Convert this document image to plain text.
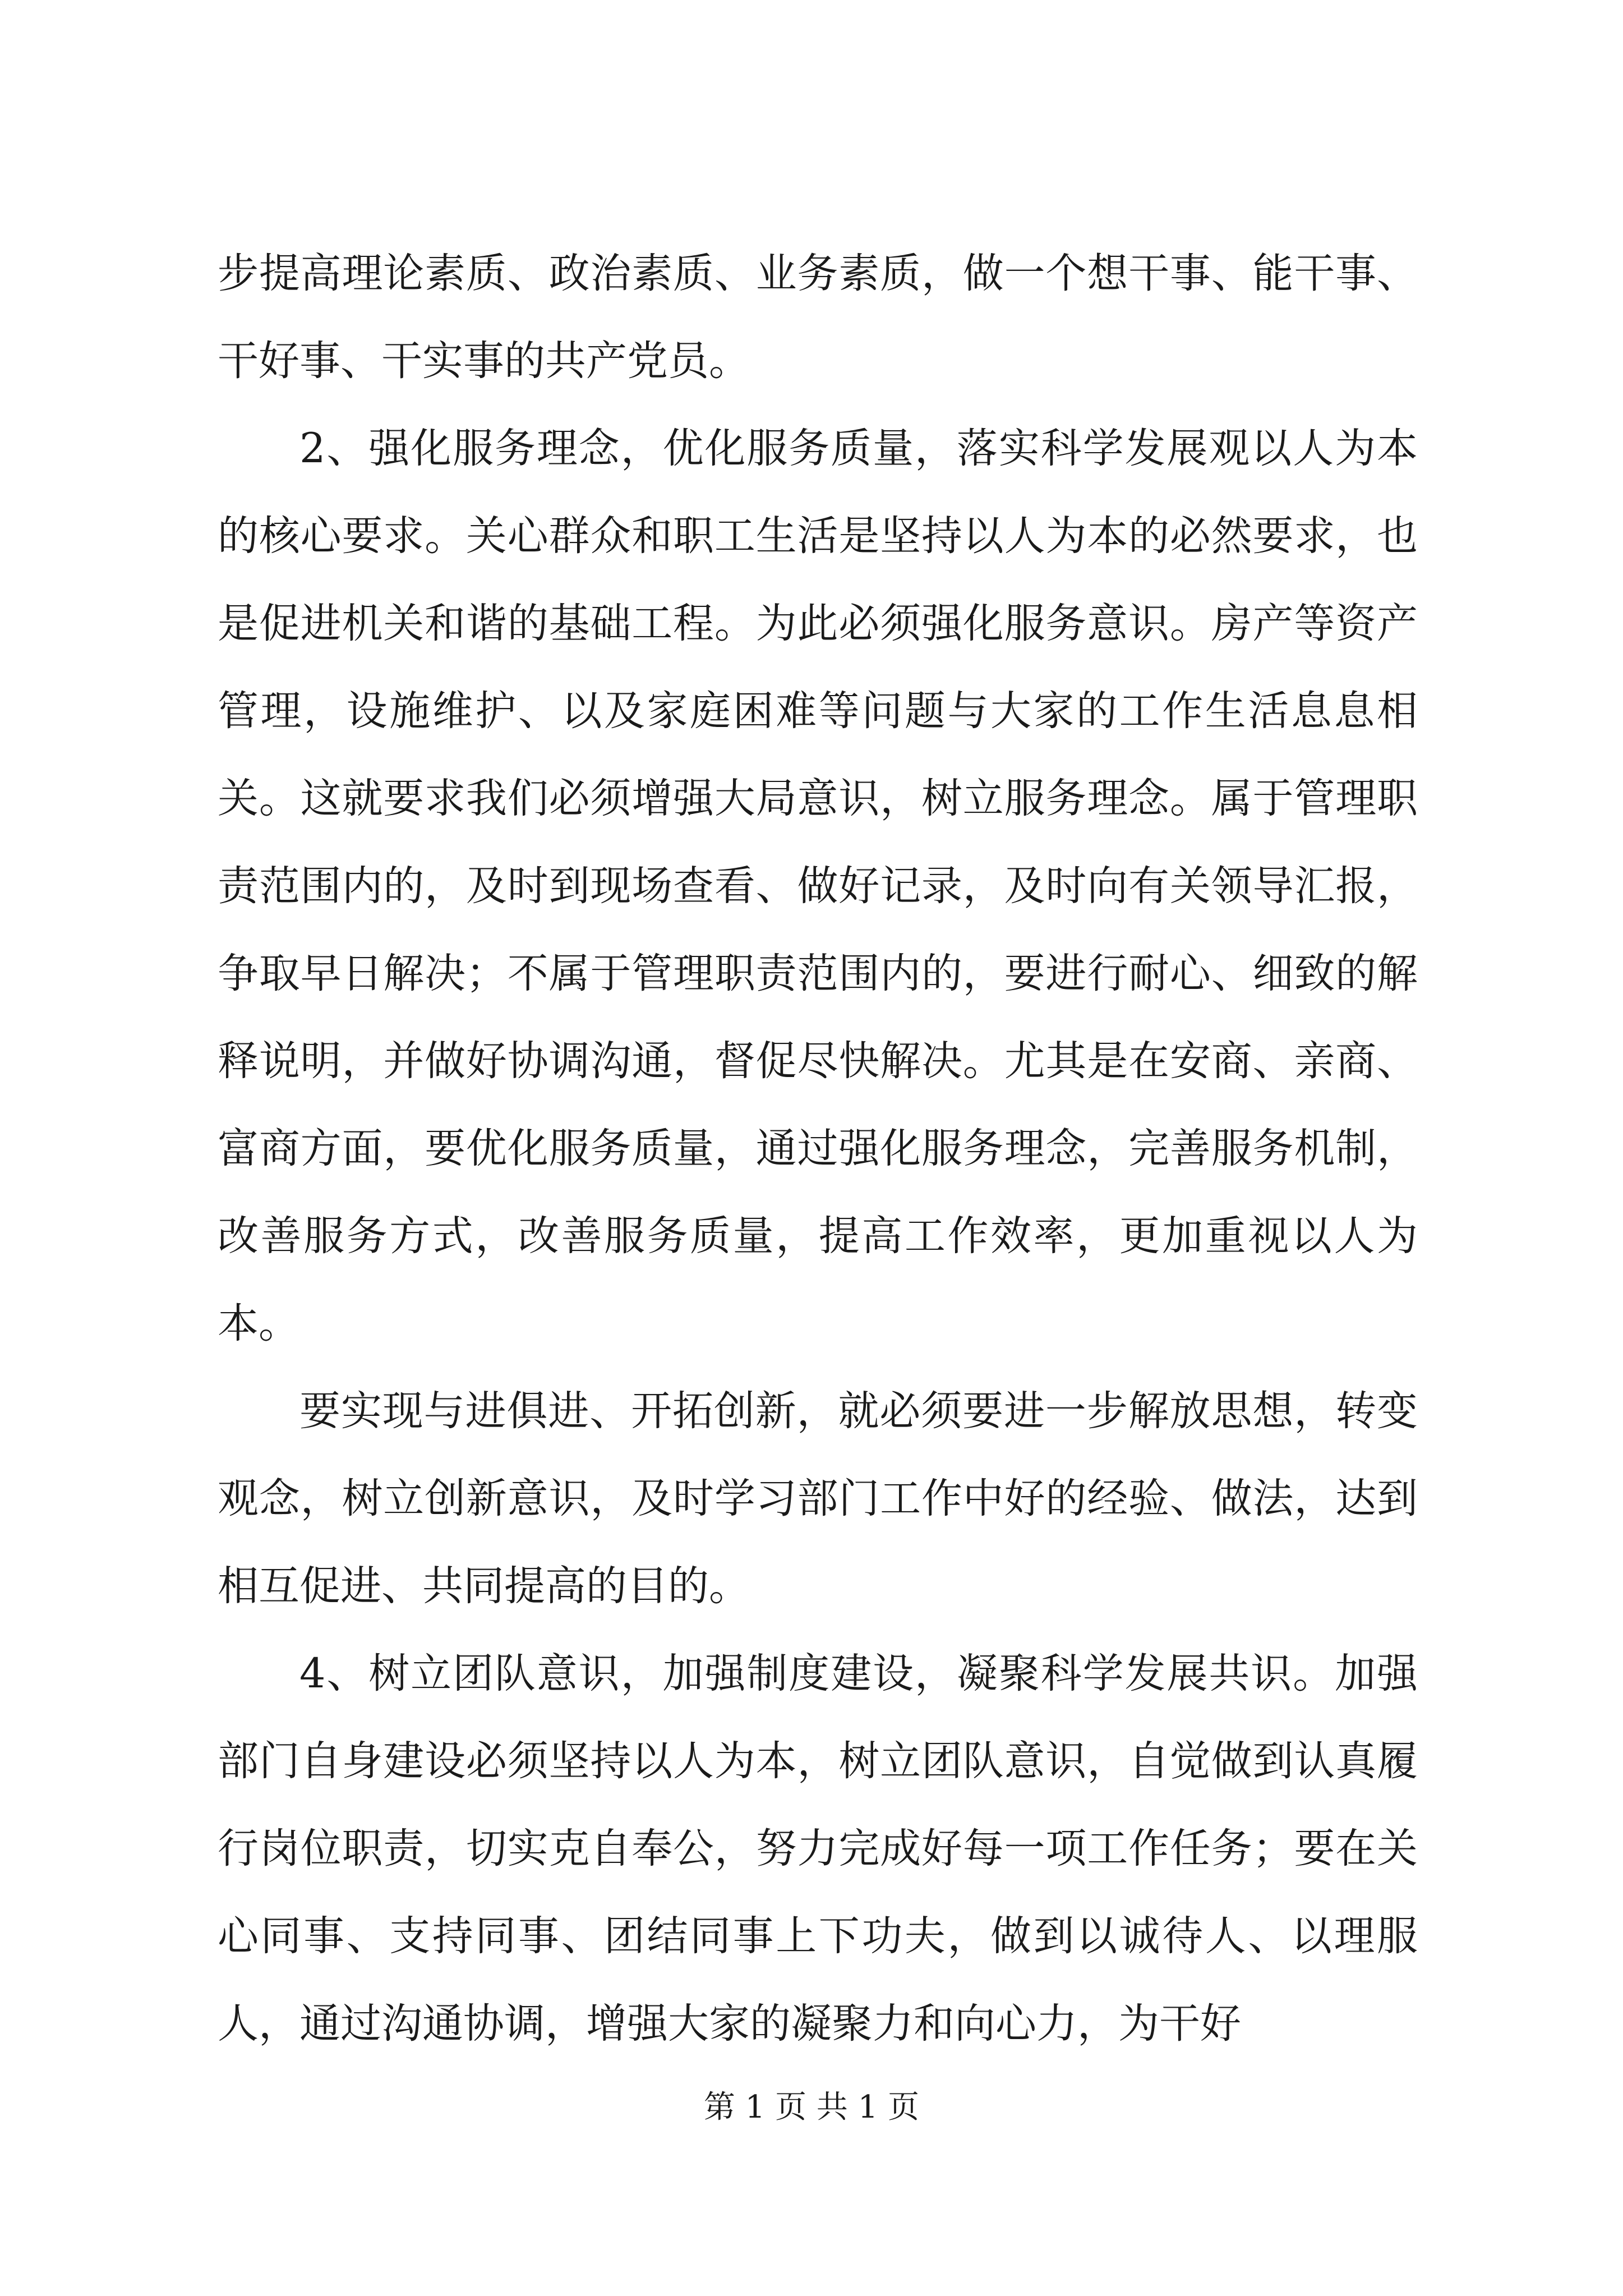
步提高理论素质、政治素质、业务素质，做一个想干事、能干事、干好事、干实事的共产党员。

2、强化服务理念，优化服务质量，落实科学发展观以人为本的核心要求。关心群众和职工生活是坚持以人为本的必然要求，也是促进机关和谐的基础工程。为此必须强化服务意识。房产等资产管理，设施维护、以及家庭困难等问题与大家的工作生活息息相关。这就要求我们必须增强大局意识，树立服务理念。属于管理职责范围内的，及时到现场查看、做好记录，及时向有关领导汇报，争取早日解决；不属于管理职责范围内的，要进行耐心、细致的解释说明，并做好协调沟通，督促尽快解决。尤其是在安商、亲商、富商方面，要优化服务质量，通过强化服务理念，完善服务机制，改善服务方式，改善服务质量，提高工作效率，更加重视以人为本。

要实现与进俱进、开拓创新，就必须要进一步解放思想，转变观念，树立创新意识，及时学习部门工作中好的经验、做法，达到相互促进、共同提高的目的。

4、树立团队意识，加强制度建设，凝聚科学发展共识。加强部门自身建设必须坚持以人为本，树立团队意识，自觉做到认真履行岗位职责，切实克自奉公，努力完成好每一项工作任务；要在关心同事、支持同事、团结同事上下功夫，做到以诚待人、以理服人，通过沟通协调，增强大家的凝聚力和向心力，为干好

第 1 页 共 1 页
